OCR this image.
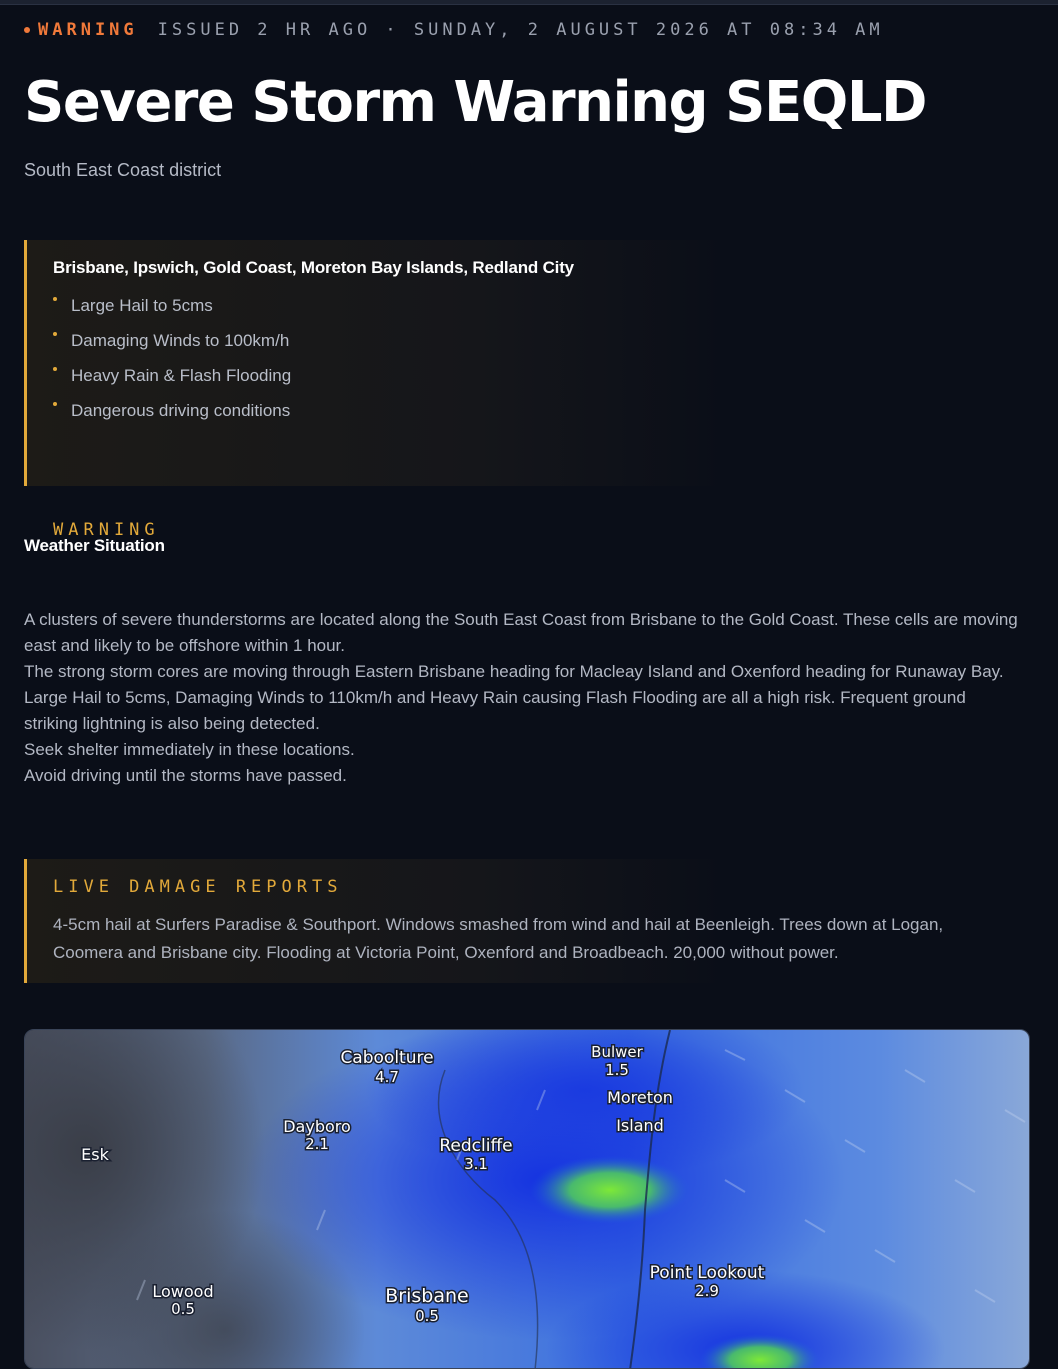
WARNING ISSUED 2 HR AGO · SUNDAY, 2 AUGUST 2026 AT 08:34 AM
Severe Storm Warning SEQLD
South East Coast district
WARNING
Brisbane, Ipswich, Gold Coast, Moreton Bay Islands, Redland City
Large Hail to 5cms
Damaging Winds to 100km/h
Heavy Rain & Flash Flooding
Dangerous driving conditions
Weather Situation

A clusters of severe thunderstorms are located along the South East Coast from Brisbane to the Gold Coast. These cells are moving east and likely to be offshore within 1 hour.

The strong storm cores are moving through Eastern Brisbane heading for Macleay Island and Oxenford heading for Runaway Bay.

Large Hail to 5cms, Damaging Winds to 110km/h and Heavy Rain causing Flash Flooding are all a high risk. Frequent ground striking lightning is also being detected.

Seek shelter immediately in these locations.

Avoid driving until the storms have passed.

LIVE DAMAGE REPORTS
4-5cm hail at Surfers Paradise & Southport. Windows smashed from wind and hail at Beenleigh. Trees down at Logan, Coomera and Brisbane city. Flooding at Victoria Point, Oxenford and Broadbeach. 20,000 without power.
Caboolture
4.7
Bulwer
1.5
Moreton
Island
Dayboro
2.1	Redcliffe
3.1
Esk
Point Lookout
2.9
Lowood
0.5
Brisbane
0.5
